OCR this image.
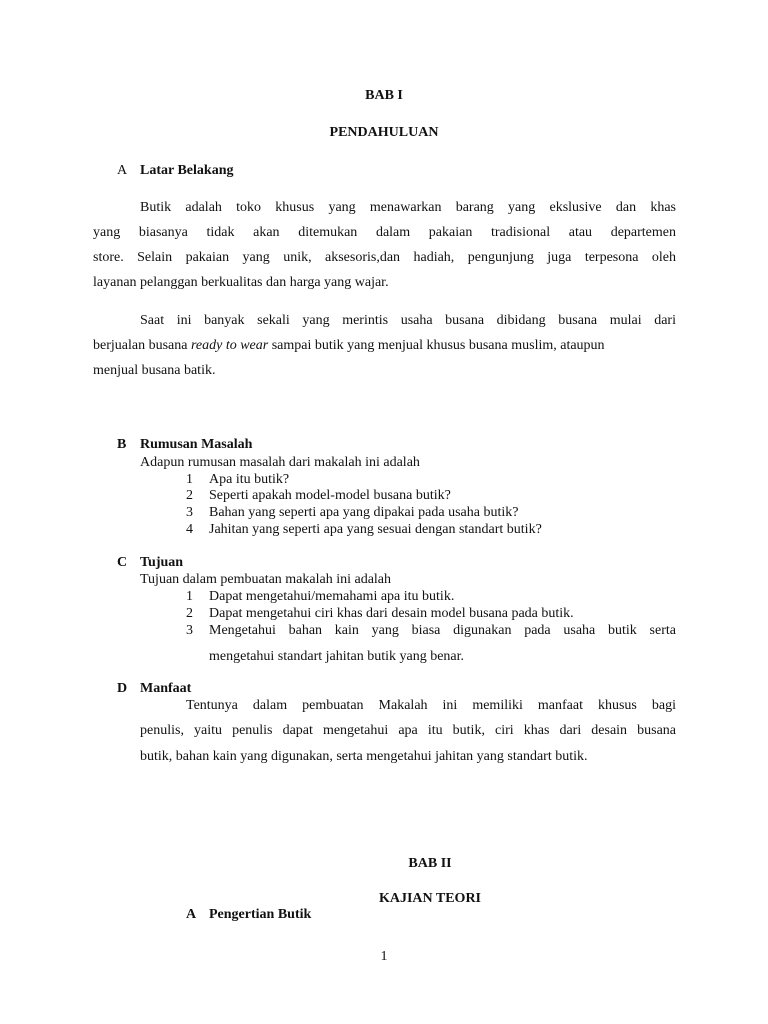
BAB I
PENDAHULUAN
A Latar Belakang
Butik adalah toko khusus yang menawarkan barang yang ekslusive dan khas
yang biasanya tidak akan ditemukan dalam pakaian tradisional atau departemen
store. Selain pakaian yang unik, aksesoris,dan hadiah, pengunjung juga terpesona oleh
layanan pelanggan berkualitas dan harga yang wajar.
Saat ini banyak sekali yang merintis usaha busana dibidang busana mulai dari
berjualan busana ready to wear sampai butik yang menjual khusus busana muslim, ataupun
menjual busana batik.
B Rumusan Masalah
Adapun rumusan masalah dari makalah ini adalah
1 Apa itu butik?
2 Seperti apakah model-model busana butik?
3 Bahan yang seperti apa yang dipakai pada usaha butik?
4 Jahitan yang seperti apa yang sesuai dengan standart butik?
C Tujuan
Tujuan dalam pembuatan makalah ini adalah
1 Dapat mengetahui/memahami apa itu butik.
2 Dapat mengetahui ciri khas dari desain model busana pada butik.
3 Mengetahui bahan kain yang biasa digunakan pada usaha butik serta
mengetahui standart jahitan butik yang benar.
D Manfaat
Tentunya dalam pembuatan Makalah ini memiliki manfaat khusus bagi
penulis, yaitu penulis dapat mengetahui apa itu butik, ciri khas dari desain busana
butik, bahan kain yang digunakan, serta mengetahui jahitan yang standart butik.
BAB II
KAJIAN TEORI
A Pengertian Butik
1
